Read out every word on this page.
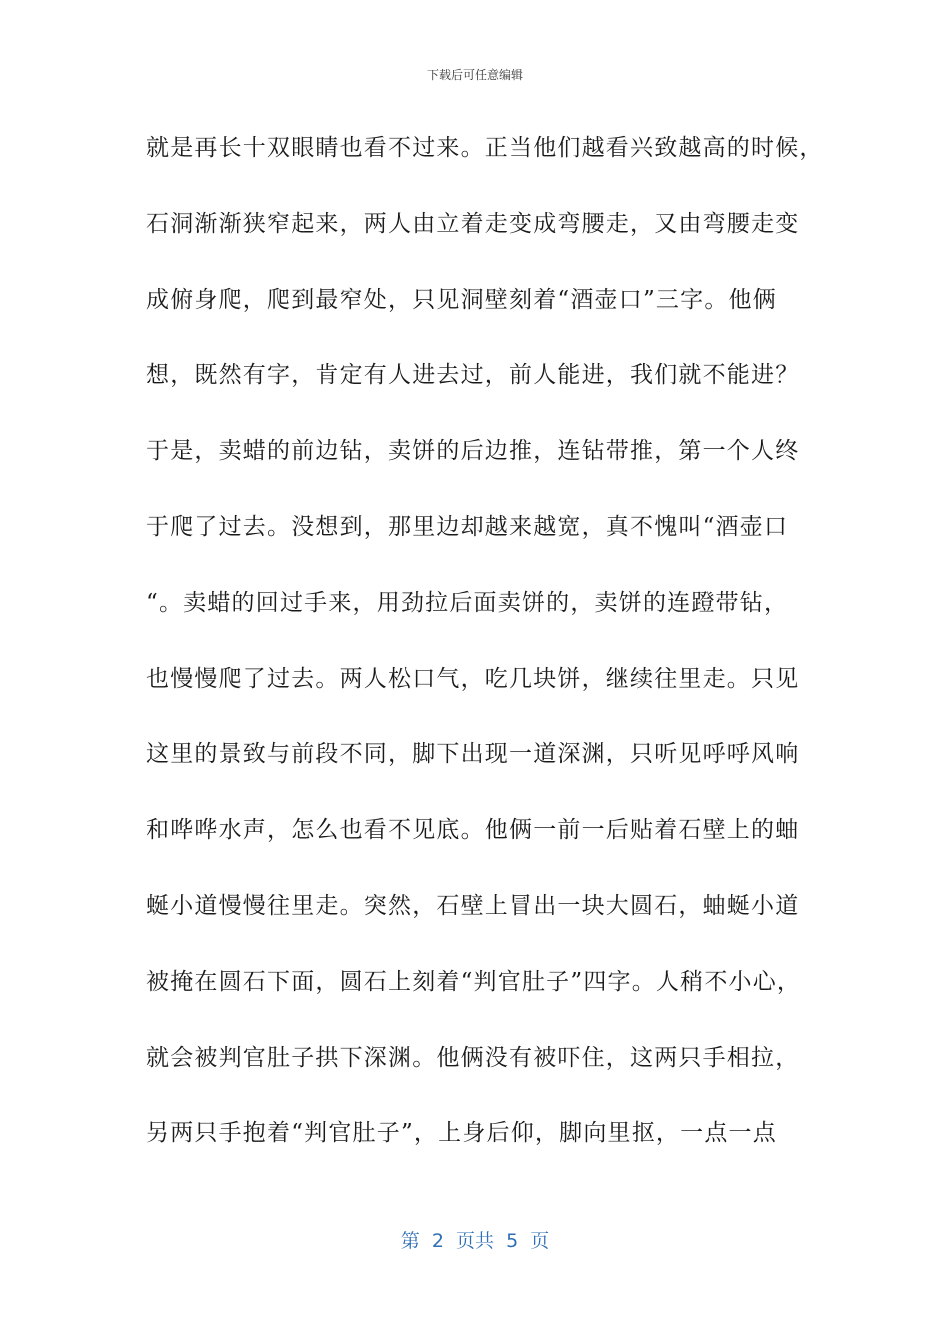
下载后可任意编辑
就是再长十双眼睛也看不过来。正当他们越看兴致越高的时候，
石洞渐渐狭窄起来，两人由立着走变成弯腰走，又由弯腰走变
成俯身爬，爬到最窄处，只见洞壁刻着“酒壶口”三字。他俩
想，既然有字，肯定有人进去过，前人能进，我们就不能进？
于是，卖蜡的前边钻，卖饼的后边推，连钻带推，第一个人终
于爬了过去。没想到，那里边却越来越宽，真不愧叫“酒壶口
“。卖蜡的回过手来，用劲拉后面卖饼的，卖饼的连蹬带钻，
也慢慢爬了过去。两人松口气，吃几块饼，继续往里走。只见
这里的景致与前段不同，脚下出现一道深渊，只听见呼呼风响
和哗哗水声，怎么也看不见底。他俩一前一后贴着石壁上的蚰
蜒小道慢慢往里走。突然，石壁上冒出一块大圆石，蚰蜒小道
被掩在圆石下面，圆石上刻着“判官肚子”四字。人稍不小心，
就会被判官肚子拱下深渊。他俩没有被吓住，这两只手相拉，
另两只手抱着“判官肚子”，上身后仰，脚向里抠，一点一点
第  2  页共  5  页
